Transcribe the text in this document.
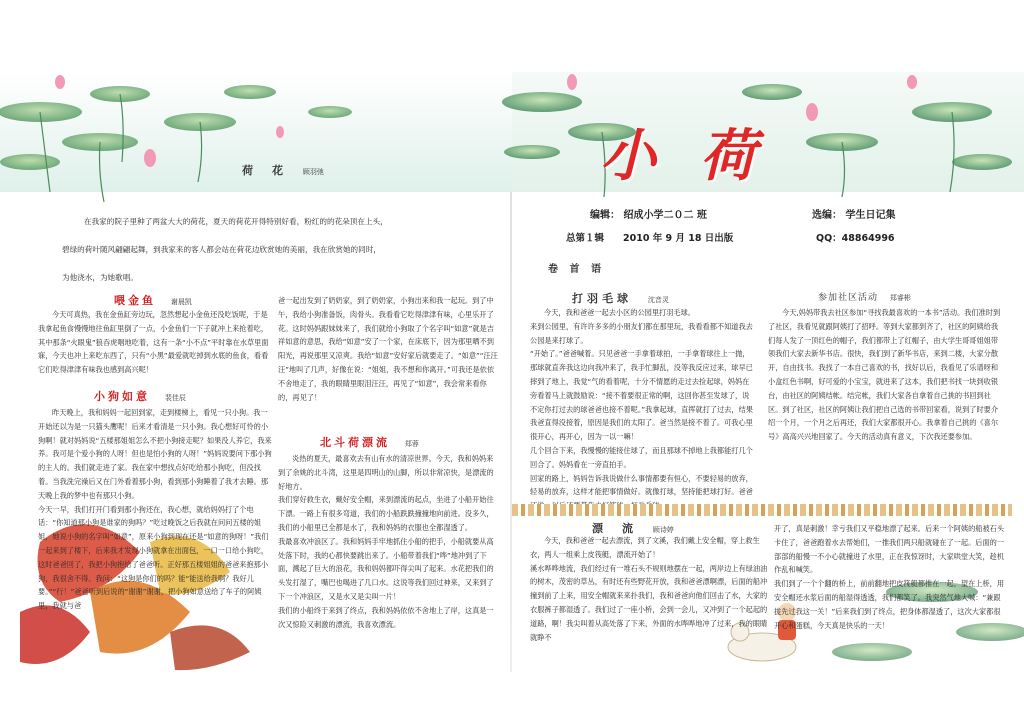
荷　花 顾羽弛
在我家的院子里种了两盆大大的荷花，夏天的荷花开得特别好看，粉红的的花朵顶在上头，
碧绿的荷叶随风翩翩起舞，到我家来的客人都会站在荷花边欣赏她的美丽，我在欣赏她的同时，
为他浇水，为她歌唱。
喂金鱼 谢晨凯

今天可真热，我在金鱼缸旁边玩，忽然想起小金鱼还没吃饭呢，于是我拿起鱼食慢慢地往鱼缸里倒了一点，小金鱼们一下子就冲上来抢着吃，其中那条“火眼鬼”狼吞虎咽地吃着，这有一条“小不点”平时靠在水草里面寐，今天也冲上来吃东西了，只有“小黑”最爱就吃掉到水底的鱼食，看看它们吃得津津有味我也感到高兴呢！

小狗如意 裴佳辰
昨天晚上，我和妈妈一起回到家，走到楼梯上，看见一只小狗。我一开始还以为是一只猫头鹰呢！后来才看清是一只小狗。我心想好可怜的小狗啊！就对妈妈说“五楼那姐姐怎么不把小狗接走呢？如果没人养它，我来养。我可是个爱小狗的人呀！但也是怕小狗的人呀！”妈妈说要问下那小狗的主人的。我们就走进了家。我在家中想找点好吃给那小狗吃，但没找着。当我洗完澡后又在门外看着那小狗，看到那小狗睡着了我才去睡。那天晚上我的梦中也有那只小狗。
今天一早，我们打开门看到那小狗还在，我心想，就给妈妈打了个电话：“你知道那小狗是谁家的狗吗？”吃过晚饭之后我就在问问五楼的姐姐，她说小狗的名字叫“如意”，原来小狗到现在还是“如意的狗呀！”我们一起来到了楼下，后来我才发现小狗就拿在出面包，一口一口给小狗吃，这时爸爸回了，我把小狗抱给了爸爸听。正好那五楼姐姐的爸爸来抱那小狗，我很舍不得。我问：“这狗是你们的吗？能“能送给我啊？我好儿要。”“行！”爸爸听到后说的“谢谢”谢谢，把小狗如意送给了车子的阿姨里，我就与爸
爸一起出发到了奶奶家，到了奶奶家，小狗出来和我一起玩。到了中午，我给小狗准备饭，肉骨头。我看看它吃得津津有味，心里乐开了花。这时妈妈跟妹妹来了，我们就给小狗取了个名字叫“如意”就是吉祥如意的意思，我给“如意”安了一个家，在床底下，因为那里晒不到阳光，再说那里又凉爽。我给“如意”安好家后就要走了。“如意”“汪汪汪”地叫了几声，好像在说：“姐姐，我不想和你离开。”可我还是依依不舍地走了，我的眼睛里眼泪汪汪，再见了“如意”，我会常来看你的，再见了！
北斗荷漂流 郑蓉
炎热的夏天，最喜欢去有山有水的清凉世界。今天，我和妈妈来到了余姚的北斗湾，这里是四明山的山脚，所以非常凉快，是漂流的好地方。
我们穿好救生衣，戴好安全帽，来到漂流的起点，坐进了小船开始往下漂。一路上有很多弯道，我们的小船跌跌撞撞地向前进。没多久，我们的小船里已全都是水了，我和妈妈的衣服也全都湿透了。
我最喜欢冲浪区了。我和妈妈手牢地抓住小船的把手，小船就要从高处落下时，我的心都快要跳出来了。小船带着我们“哗”地冲到了下面，溅起了巨大的浪花，我和妈妈都吓得尖叫了起来。水花把我们的头发打湿了，嘴巴也喝进了几口水。这说等我们回过神来，又来到了下一个冲浪区，又是水又是尖叫一片！
我们的小船终于来到了终点，我和妈妈依依不舍地上了岸，这真是一次又惊险又刺激的漂流，我喜欢漂流。
小荷
编辑： 绍成小学二０二 班	选编： 学生日记集
总第１辑　　2010 年 9 月 18 日出版	QQ：48864996
卷 首 语
打羽毛球 沈音灵
今天，我和爸爸一起去小区的公园里打羽毛球。
来到公园里，有许许多多的小朋友们都在那里玩，我看看都不知道我去公园是来打球了。
“开始了。”爸爸喊着。只见爸爸一手拿着球拍，一手拿着球往上一抛，那球就直奔我这边向我冲来了，我手忙脚乱，没等我反应过来，球早已摔到了地上，我觉“气的看着呢，十分不情愿的走过去捡起球，妈妈在旁看着马上就鼓励说：“接不着要很正常的啊，这回你甚至发球了，说不定你打过去的球爸爸也接不着呢。”我拿起球，直挥就打了过去，结果我爸直得没接着，原因是我们的太阳了。爸当然是接不着了。可我心里很开心，再开心，因为一以一嘛！
几个回合下来，我慢慢的能接住球了，而且那球不掉地上我都能打几个回合了。妈妈看在一旁直拍手。
回家的路上，妈妈告诉我说做什么事情都要有恒心，不要轻易的放弃，轻易的放弃，这样才能把事情做好。就像打球，坚持能把球打好。爸爸
参加社区活动 郑睿彬

今天,妈妈带我去社区参加“寻找我最喜欢的一本书”活动。我们准时到了社区，我看见就跟阿姨打了招呼。等到大家都到齐了，社区的阿姨给我们每人发了一顶红色的帽子，我们都带上了红帽子，由大学生哥哥姐姐带领我们大家去新华书店。很快，我们到了新华书店，来到二楼，大家分散开，自由找书。我找了一本自己喜欢的书，找好以后，我看见了乐谱呀和小盒红色书啊，好可爱的小宝宝，就进来了这本，我们把书找一块到收银台，由社区的阿姨结帐。结完帐，我们大家各自拿着自己挑的书回到社区。到了社区，社区的阿姨让我们把自己选的书带回家看，说到了时要介绍一个月，一个月之后再还，我们大家都很开心。我拿着自己挑的《喜尔号》高高兴兴地回家了。今天的活动真有意义，下次我还要参加。

漂　流 顾诗婷
今天，我和爸爸一起去漂流，到了文溪，我们戴上安全帽，穿上救生衣，两人一组乘上皮筏艇，漂流开始了！
溪水哗哗地流，我们经过有一堆石头不规则地摆在一起，两岸边上有绿油油的树木，茂密的草丛，有时还有些野花开放，我和爸爸漂啊漂，后面的船冲撞到前了上来，用安全帽就来来扑我们，我和爸爸向他们回击了水，大家的衣服裤子都湿透了。我们过了一座小桥，会到一会儿，又冲到了一个起起的道路，啊！我尖叫着从高处落了下来，外面的水哗哗地冲了过来，我的眼睛就睁不
开了，真是刺激！幸亏我们又平稳地漂了起来。后来一个阿姨的船被石头卡住了，爸爸跑着水去帮她们，一推我们两只船就碰在了一起。后面的一部部的船慢一不小心就撞进了水里，正在我惊讶时，大家哄堂大笑，趁机作乱和喊笑。
我们到了一个个翻的桥上，前前翻地把皮筏艇都推在一起，望在上桥，用安全帽还水浆后面的船湿得透透，我们都笑了。我突然气地大喊：“兼跟拢先过我这一关！”后来我们到了终点，把身体都湿透了，这次大家都很开心和蛋糕，今天真是快乐的一天！
